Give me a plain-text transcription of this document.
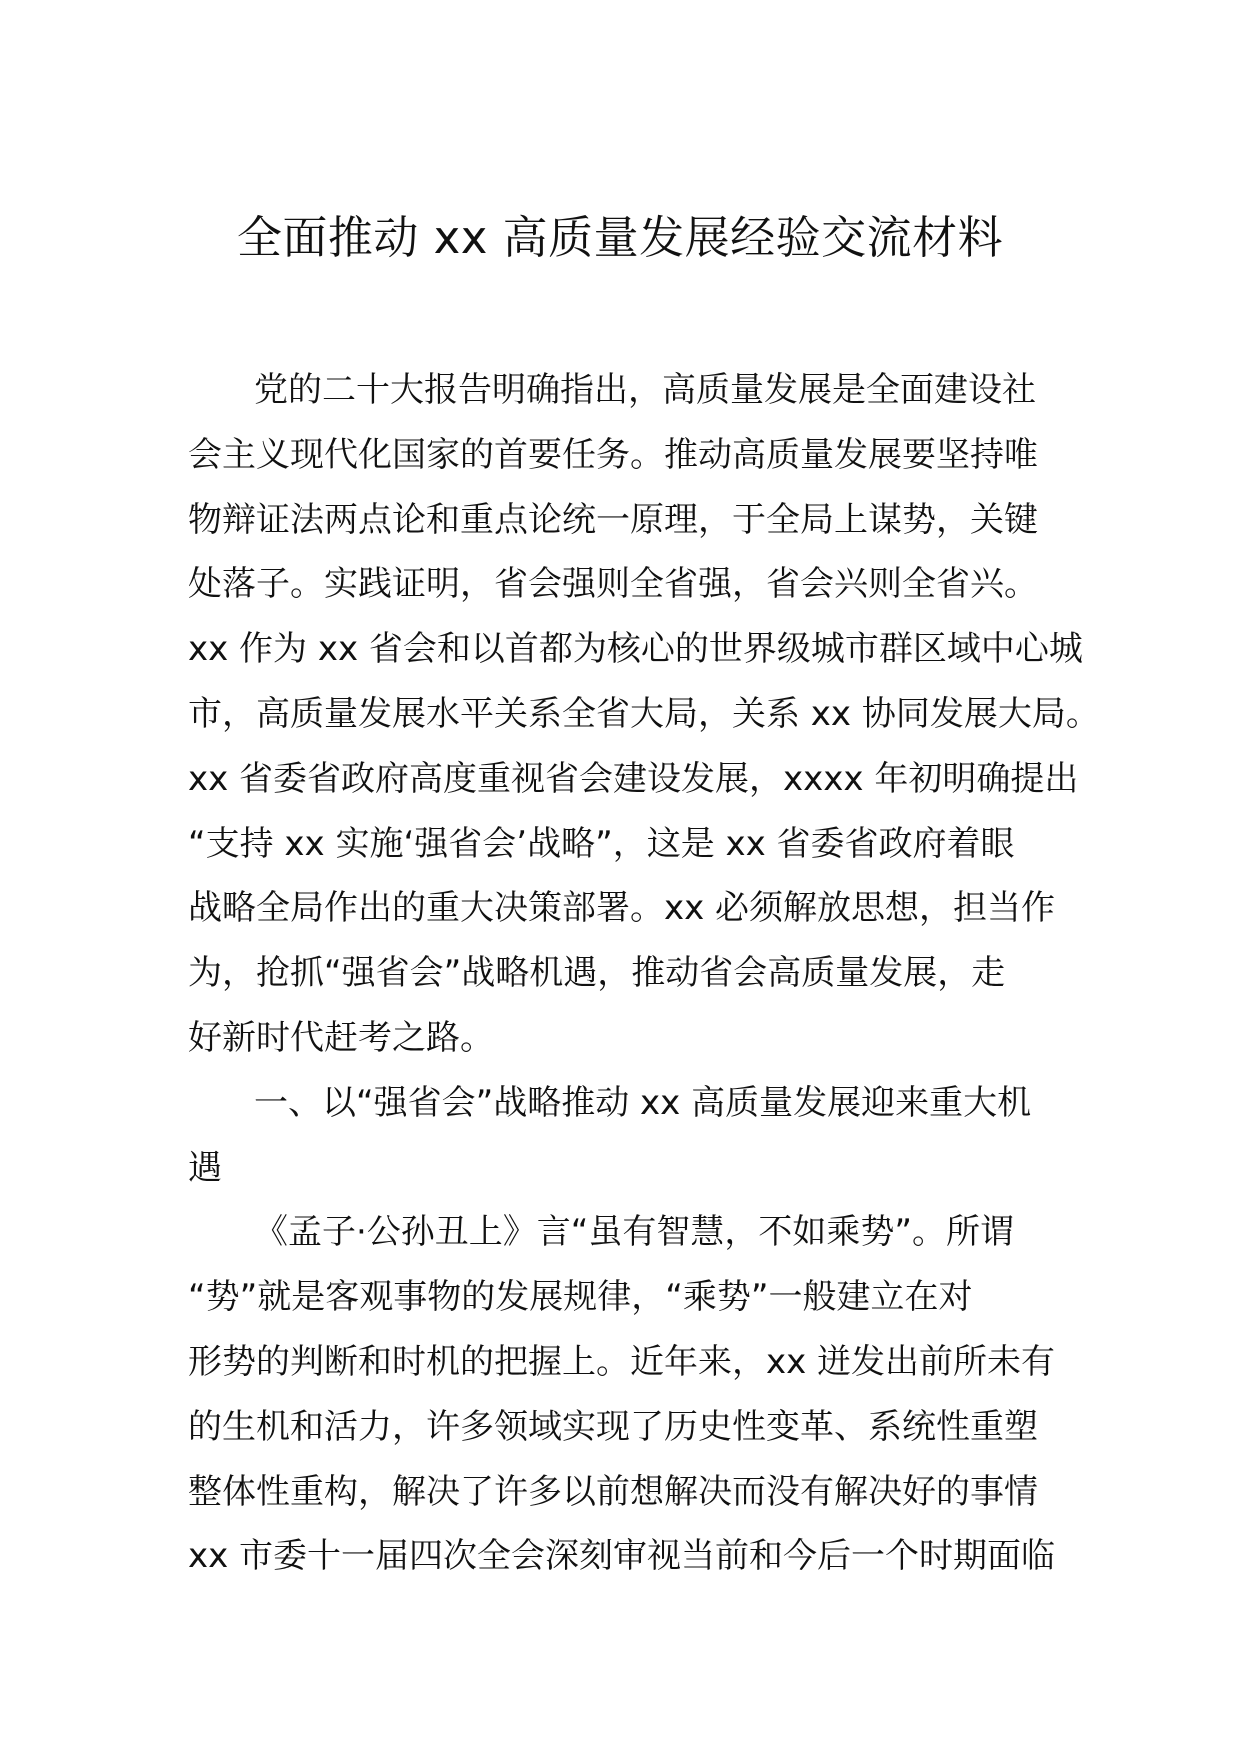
全面推动 xx 高质量发展经验交流材料
党的二十大报告明确指出，高质量发展是全面建设社
会主义现代化国家的首要任务。推动高质量发展要坚持唯
物辩证法两点论和重点论统一原理，于全局上谋势，关键
处落子。实践证明，省会强则全省强，省会兴则全省兴。
xx 作为 xx 省会和以首都为核心的世界级城市群区域中心城
市，高质量发展水平关系全省大局，关系 xx 协同发展大局。
xx 省委省政府高度重视省会建设发展，xxxx 年初明确提出
“支持 xx 实施‘强省会’战略”，这是 xx 省委省政府着眼
战略全局作出的重大决策部署。xx 必须解放思想，担当作
为，抢抓“强省会”战略机遇，推动省会高质量发展，走
好新时代赶考之路。
一、以“强省会”战略推动 xx 高质量发展迎来重大机
遇
《孟子·公孙丑上》言“虽有智慧，不如乘势”。所谓
“势”就是客观事物的发展规律，“乘势”一般建立在对
形势的判断和时机的把握上。近年来，xx 迸发出前所未有
的生机和活力，许多领域实现了历史性变革、系统性重塑
整体性重构，解决了许多以前想解决而没有解决好的事情
xx 市委十一届四次全会深刻审视当前和今后一个时期面临
